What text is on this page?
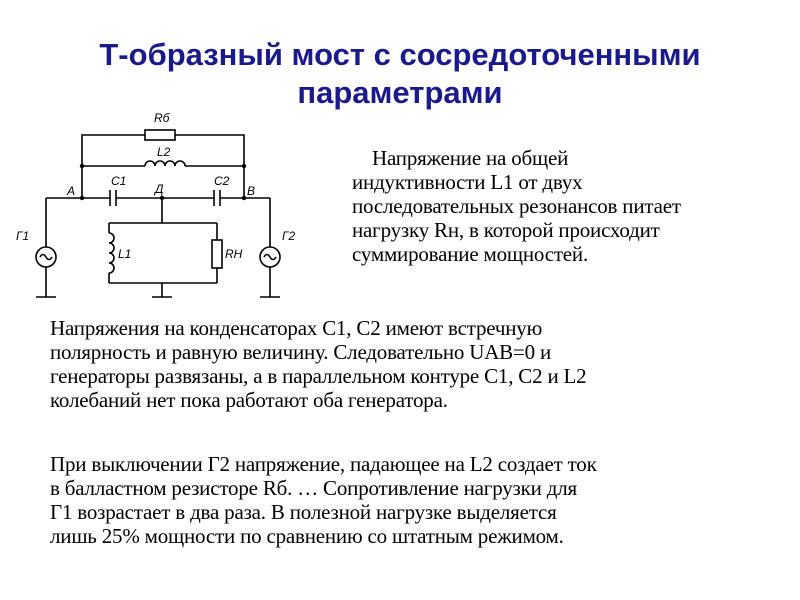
Т-образный мост с сосредоточенными
параметрами
Rб
L2
C1	C2
A	Д	B
Г1	Г2
L1	RH
Напряжение на общей
индуктивности L1 от двух
последовательных резонансов питает
нагрузку Rн, в которой происходит
суммирование мощностей.
Напряжения на конденсаторах C1, C2 имеют встречную
полярность и равную величину. Следовательно UAB=0 и
генераторы развязаны, а в параллельном контуре C1, C2 и L2
колебаний нет пока работают оба генератора.
При выключении Г2 напряжение, падающее на L2 создает ток
в балластном резисторе Rб. … Сопротивление нагрузки для
Г1 возрастает в два раза. В полезной нагрузке выделяется
лишь 25% мощности по сравнению со штатным режимом.
